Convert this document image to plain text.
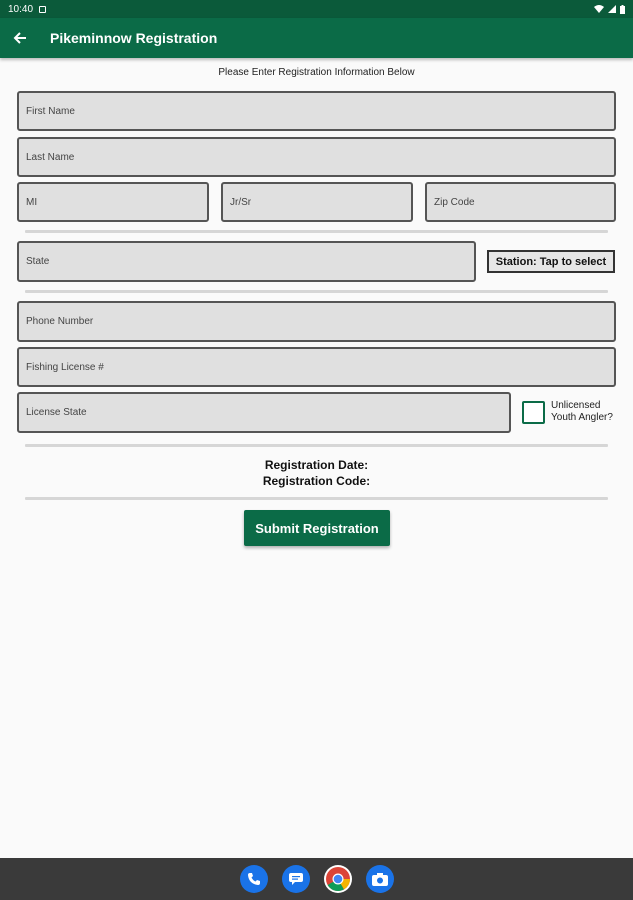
10:40
Pikeminnow Registration
Please Enter Registration Information Below
First Name
Last Name
MI
Jr/Sr
Zip Code
State
Station: Tap to select
Phone Number
Fishing License #
License State
Unlicensed
Youth Angler?
Registration Date:
Registration Code:
Submit Registration
